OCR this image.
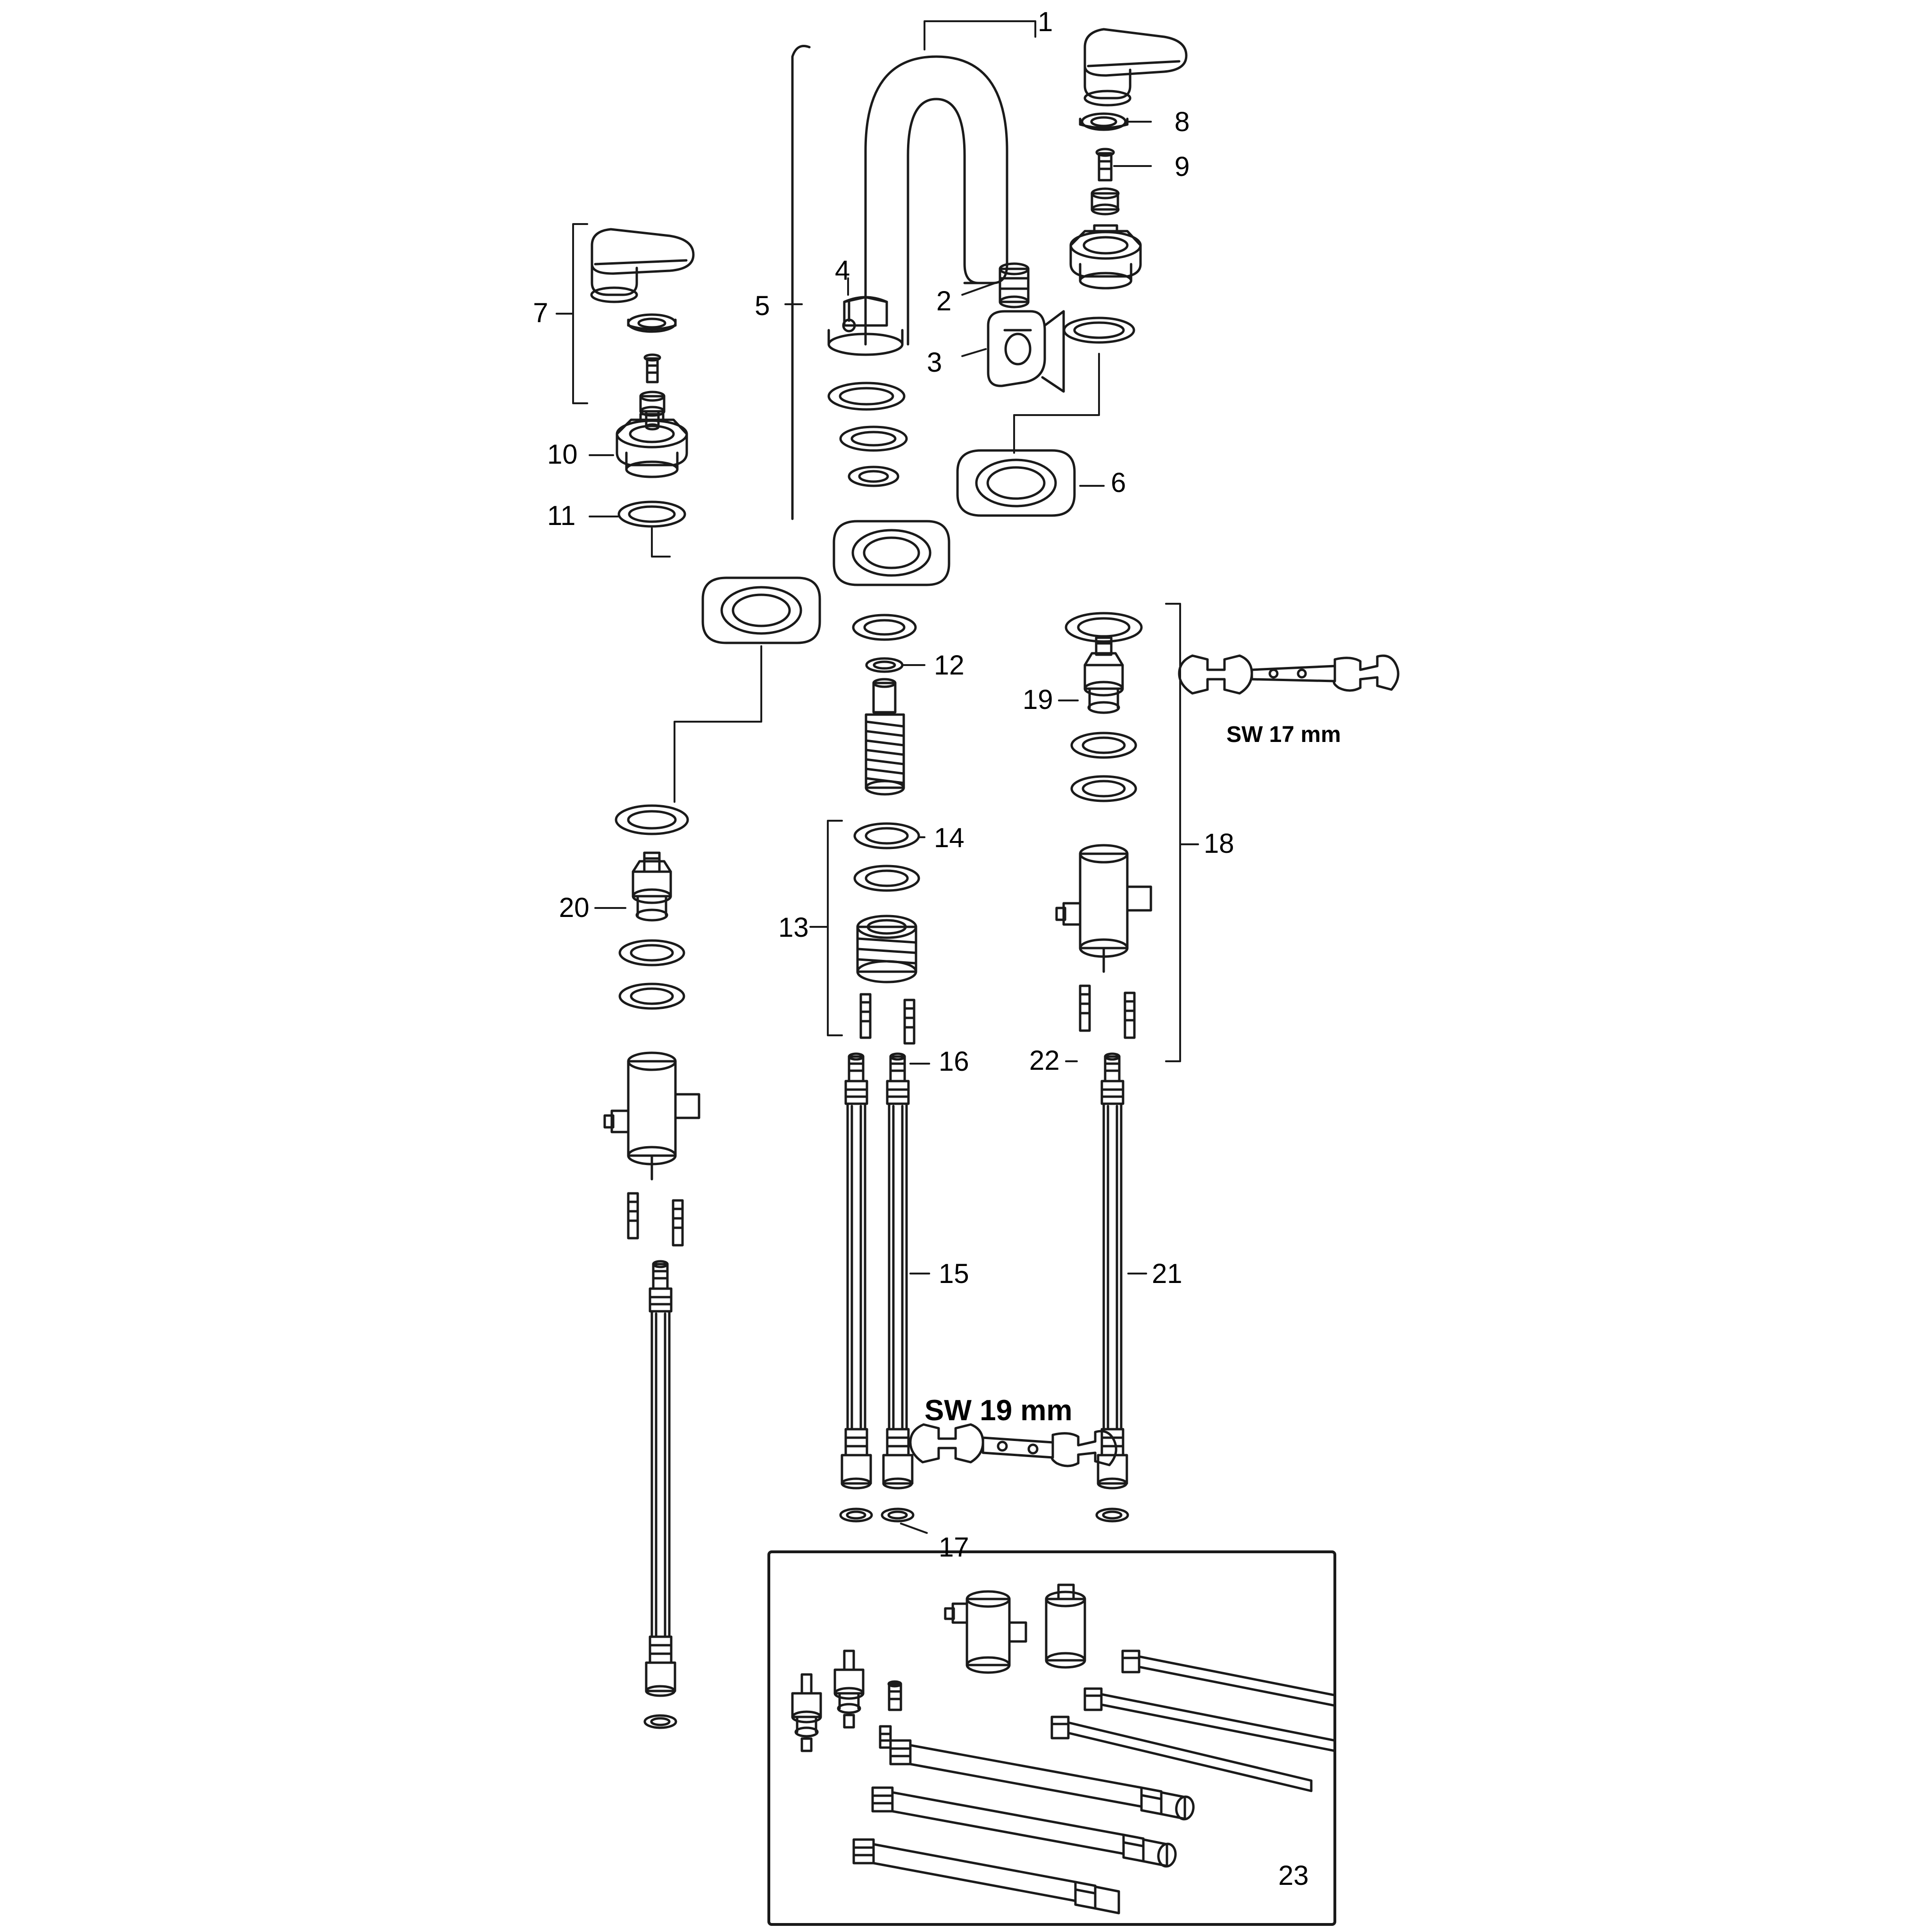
1
2
3
4
5
6
7
8
9
10
11
12
13
14
15
16
17
18
19
20
21
22
23
SW 17 mm
SW 19 mm
